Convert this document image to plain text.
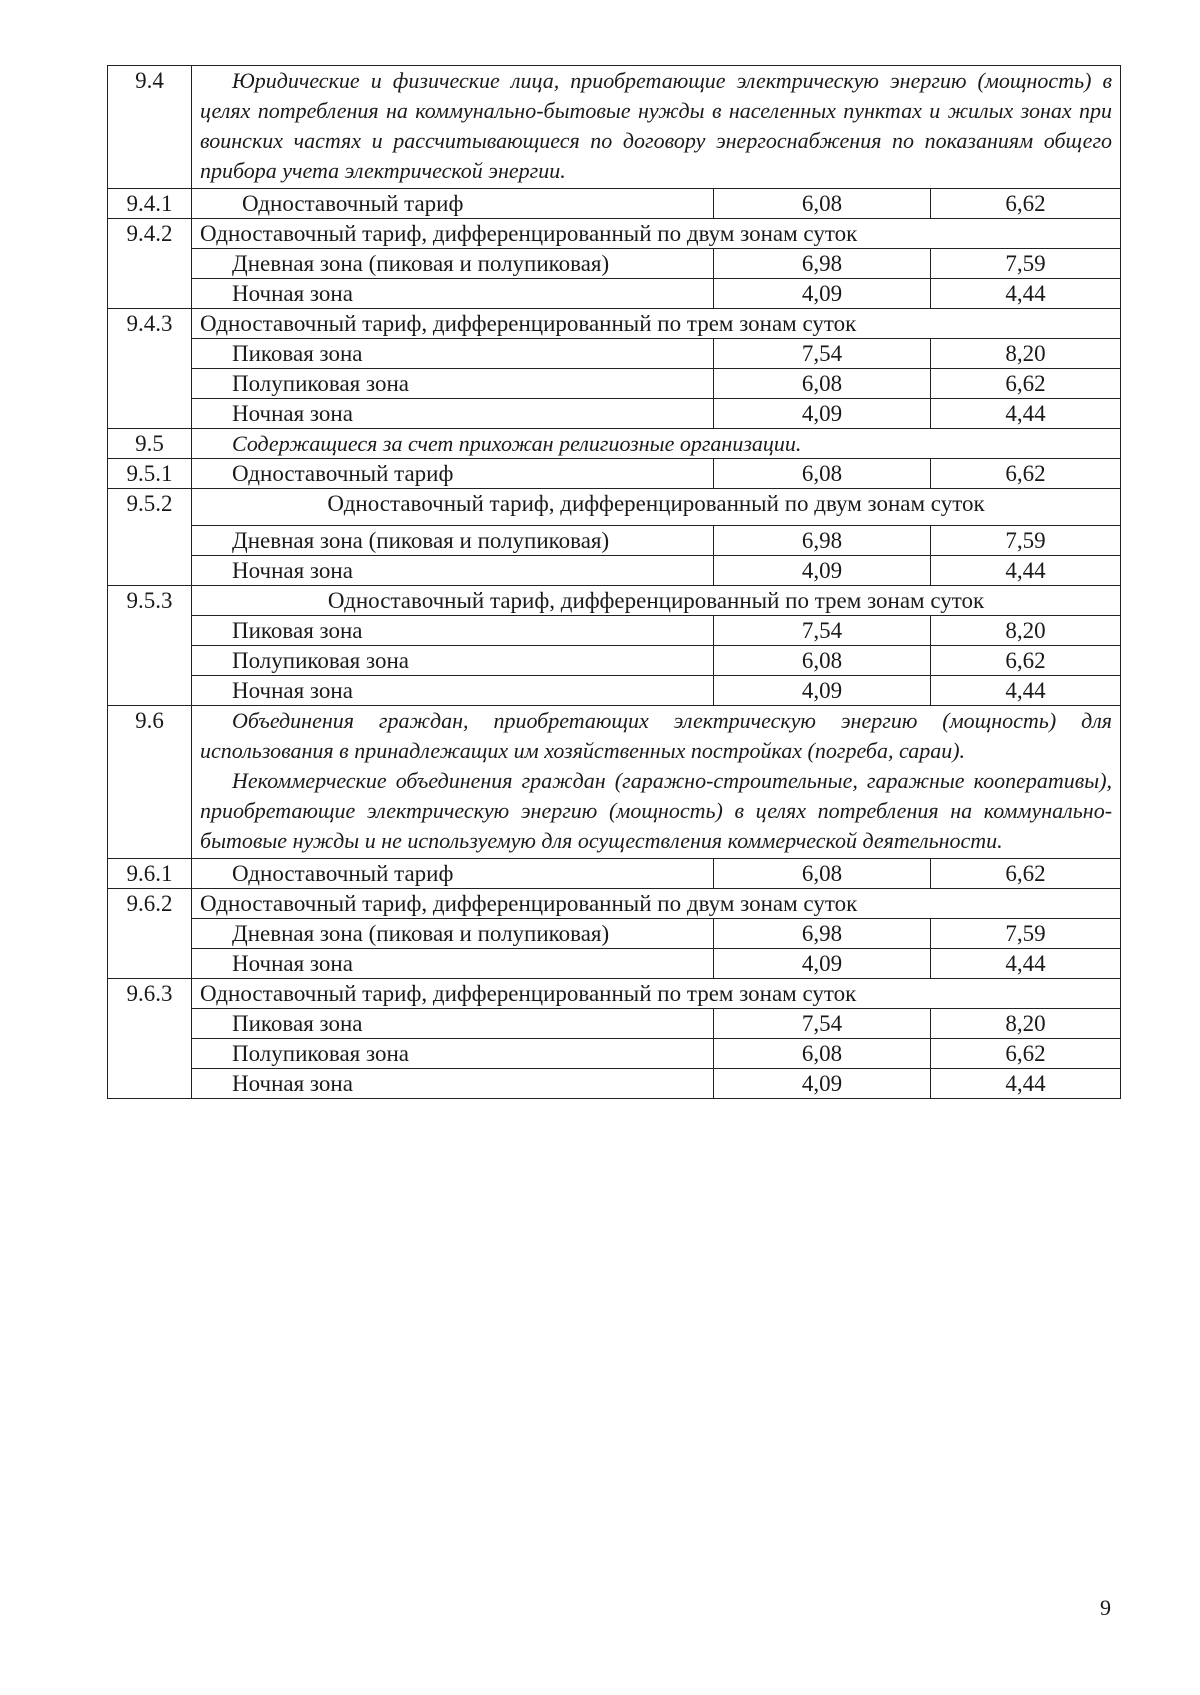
9.4	Юридические и физические лица, приобретающие электрическую энергию (мощность) в целях потребления на коммунально-бытовые нужды в населенных пунктах и жилых зонах при воинских частях и рассчитывающиеся по договору энергоснабжения по показаниям общего прибора учета электрической энергии.		

9.4.1	Одноставочный тариф	6,08	6,62
9.4.2	Одноставочный тариф, дифференцированный по двум зонам суток		
	Дневная зона (пиковая и полупиковая)	6,98	7,59
	Ночная зона	4,09	4,44
9.4.3	Одноставочный тариф, дифференцированный по трем зонам суток		
	Пиковая зона	7,54	8,20
	Полупиковая зона	6,08	6,62
	Ночная зона	4,09	4,44
9.5	Содержащиеся за счет прихожан религиозные организации.		
9.5.1	Одноставочный тариф	6,08	6,62
9.5.2	Одноставочный тариф, дифференцированный по двум зонам суток		
	Дневная зона (пиковая и полупиковая)	6,98	7,59
	Ночная зона	4,09	4,44
9.5.3	Одноставочный тариф, дифференцированный по трем зонам суток		
	Пиковая зона	7,54	8,20
	Полупиковая зона	6,08	6,62
	Ночная зона	4,09	4,44
9.6	Объединения граждан, приобретающих электрическую энергию (мощность) для использования в принадлежащих им хозяйственных постройках (погреба, сараи).

Некоммерческие объединения граждан (гаражно-строительные, гаражные кооперативы), приобретающие электрическую энергию (мощность) в целях потребления на коммунально-бытовые нужды и не используемую для осуществления коммерческой деятельности.		

9.6.1	Одноставочный тариф	6,08	6,62
9.6.2	Одноставочный тариф, дифференцированный по двум зонам суток		
	Дневная зона (пиковая и полупиковая)	6,98	7,59
	Ночная зона	4,09	4,44
9.6.3	Одноставочный тариф, дифференцированный по трем зонам суток		
	Пиковая зона	7,54	8,20
	Полупиковая зона	6,08	6,62
	Ночная зона	4,09	4,44
9
